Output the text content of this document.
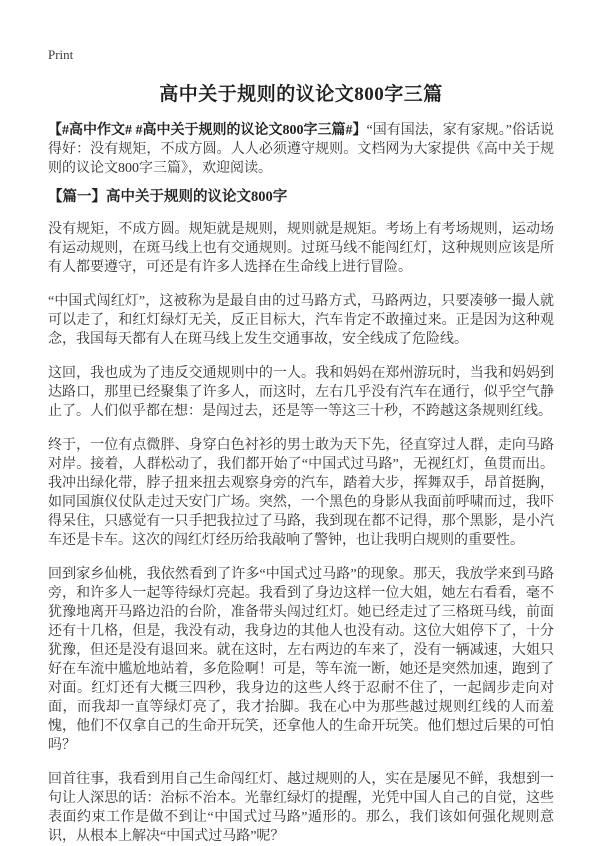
Print
高中关于规则的议论文800字三篇

【#高中作文# #高中关于规则的议论文800字三篇#】“国有国法，家有家规。”俗话说得好：没有规矩，不成方圆。人人必须遵守规则。文档网为大家提供《高中关于规则的议论文800字三篇》，欢迎阅读。

【篇一】高中关于规则的议论文800字

没有规矩，不成方圆。规矩就是规则，规则就是规矩。考场上有考场规则，运动场有运动规则，在斑马线上也有交通规则。过斑马线不能闯红灯，这种规则应该是所有人都要遵守，可还是有许多人选择在生命线上进行冒险。

“中国式闯红灯”，这被称为是最自由的过马路方式，马路两边，只要凑够一撮人就可以走了，和红灯绿灯无关，反正目标大，汽车肯定不敢撞过来。正是因为这种观念，我国每天都有人在斑马线上发生交通事故，安全线成了危险线。

这回，我也成为了违反交通规则中的一人。我和妈妈在郑州游玩时，当我和妈妈到达路口，那里已经聚集了许多人，而这时，左右几乎没有汽车在通行，似乎空气静止了。人们似乎都在想：是闯过去，还是等一等这三十秒，不跨越这条规则红线。

终于，一位有点微胖、身穿白色衬衫的男士敢为天下先，径直穿过人群，走向马路对岸。接着，人群松动了，我们都开始了“中国式过马路”，无视红灯，鱼贯而出。我冲出绿化带，脖子扭来扭去观察身旁的汽车，踏着大步，挥舞双手，昂首挺胸，如同国旗仪仗队走过天安门广场。突然，一个黑色的身影从我面前呼啸而过，我吓得呆住，只感觉有一只手把我拉过了马路，我到现在都不记得，那个黑影，是小汽车还是卡车。这次的闯红灯经历给我敲响了警钟，也让我明白规则的重要性。

回到家乡仙桃，我依然看到了许多“中国式过马路”的现象。那天，我放学来到马路旁，和许多人一起等待绿灯亮起。我看到了身边这样一位大姐，她左右看看，毫不犹豫地离开马路边沿的台阶，准备带头闯过红灯。她已经走过了三格斑马线，前面还有十几格，但是，我没有动，我身边的其他人也没有动。这位大姐停下了，十分犹豫，但还是没有退回来。就在这时，左右两边的车来了，没有一辆减速，大姐只好在车流中尴尬地站着，多危险啊！可是，等车流一断，她还是突然加速，跑到了对面。红灯还有大概三四秒，我身边的这些人终于忍耐不住了，一起阔步走向对面，而我却一直等绿灯亮了，我才抬脚。我在心中为那些越过规则红线的人而羞愧，他们不仅拿自己的生命开玩笑，还拿他人的生命开玩笑。他们想过后果的可怕吗？

回首往事，我看到用自己生命闯红灯、越过规则的人，实在是屡见不鲜，我想到一句让人深思的话：治标不治本。光靠红绿灯的提醒，光凭中国人自己的自觉，这些表面约束工作是做不到让“中国式过马路”遁形的。那么，我们该如何强化规则意识，从根本上解决“中国式过马路”呢？
